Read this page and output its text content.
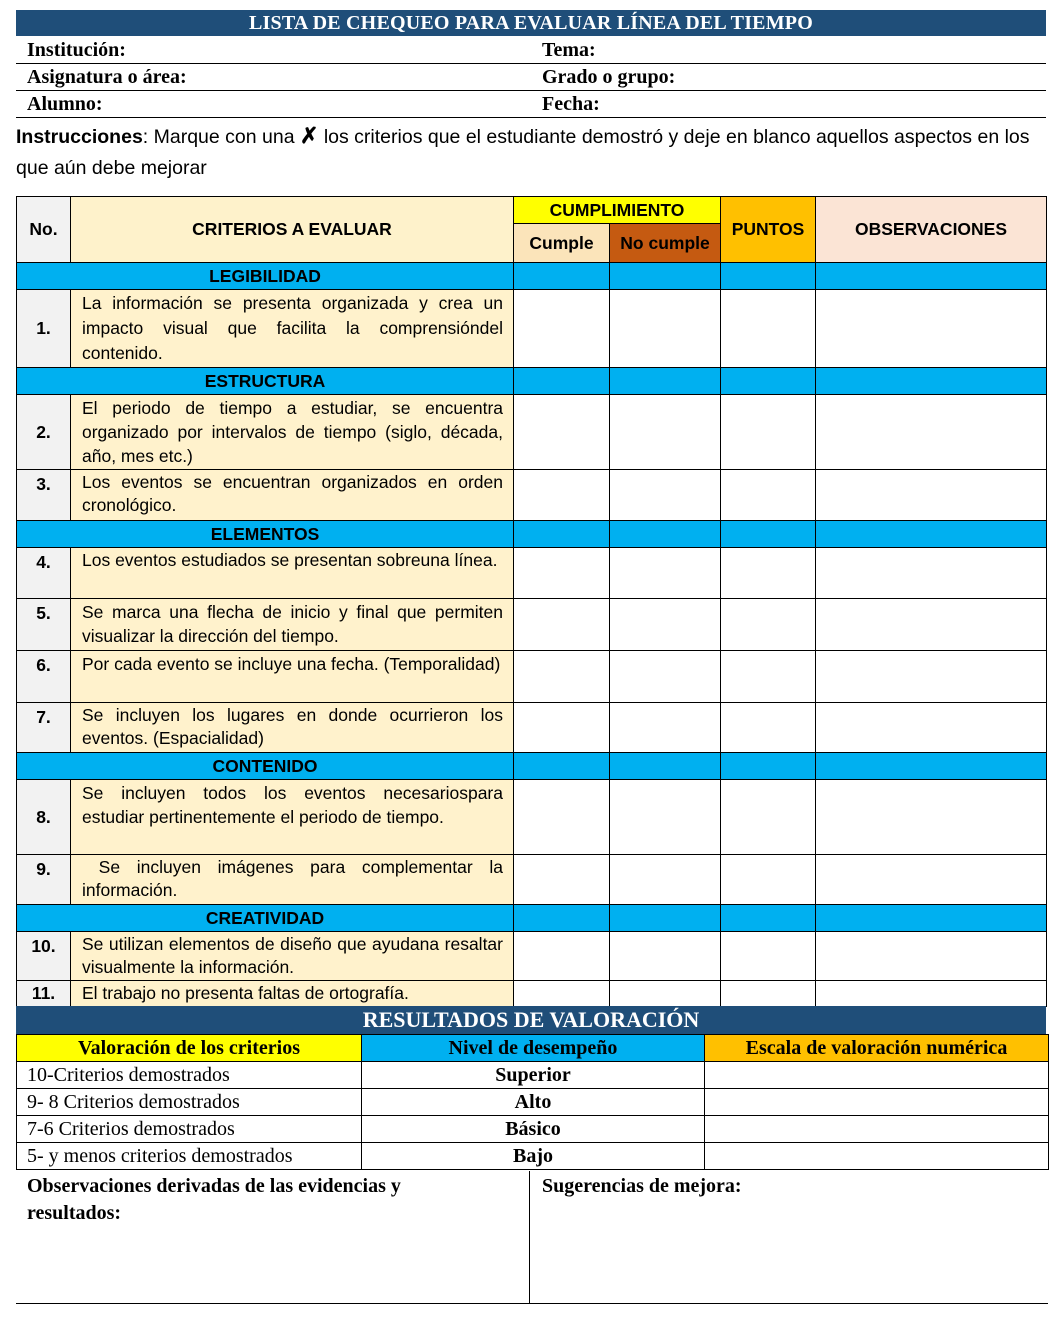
LISTA DE CHEQUEO PARA EVALUAR LÍNEA DEL TIEMPO
Institución:	Tema:
Asignatura o área:	Grado o grupo:
Alumno:	Fecha:
Instrucciones: Marque con una ✗ los criterios que el estudiante demostró y deje en blanco aquellos aspectos en los que aún debe mejorar
No.	CRITERIOS A EVALUAR	CUMPLIMIENTO		PUNTOS	OBSERVACIONES
		Cumple	No cumple		
LEGIBILIDAD					
1.	La información se presenta organizada y crea un impacto visual que facilita la comprensióndel contenido.				
ESTRUCTURA					
2.	El periodo de tiempo a estudiar, se encuentra organizado por intervalos de tiempo (siglo, década, año, mes etc.)				
3.	Los eventos se encuentran organizados en orden cronológico.				
ELEMENTOS					
4.	Los eventos estudiados se presentan sobreuna línea.				
5.	Se marca una flecha de inicio y final que permiten visualizar la dirección del tiempo.				
6.	Por cada evento se incluye una fecha. (Temporalidad)				
7.	Se incluyen los lugares en donde ocurrieron los eventos. (Espacialidad)				
CONTENIDO					
8.	Se incluyen todos los eventos necesariospara estudiar pertinentemente el periodo de tiempo.				
9.	Se incluyen imágenes para complementar la información.				
CREATIVIDAD					
10.	Se utilizan elementos de diseño que ayudana resaltar visualmente la información.				
11.	El trabajo no presenta faltas de ortografía.				
RESULTADOS DE VALORACIÓN
Valoración de los criterios	Nivel de desempeño	Escala de valoración numérica
10-Criterios demostrados	Superior	
9- 8 Criterios demostrados	Alto	
7-6 Criterios demostrados	Básico	
5- y menos criterios demostrados	Bajo	
Observaciones derivadas de las evidencias y resultados:
Sugerencias de mejora:
